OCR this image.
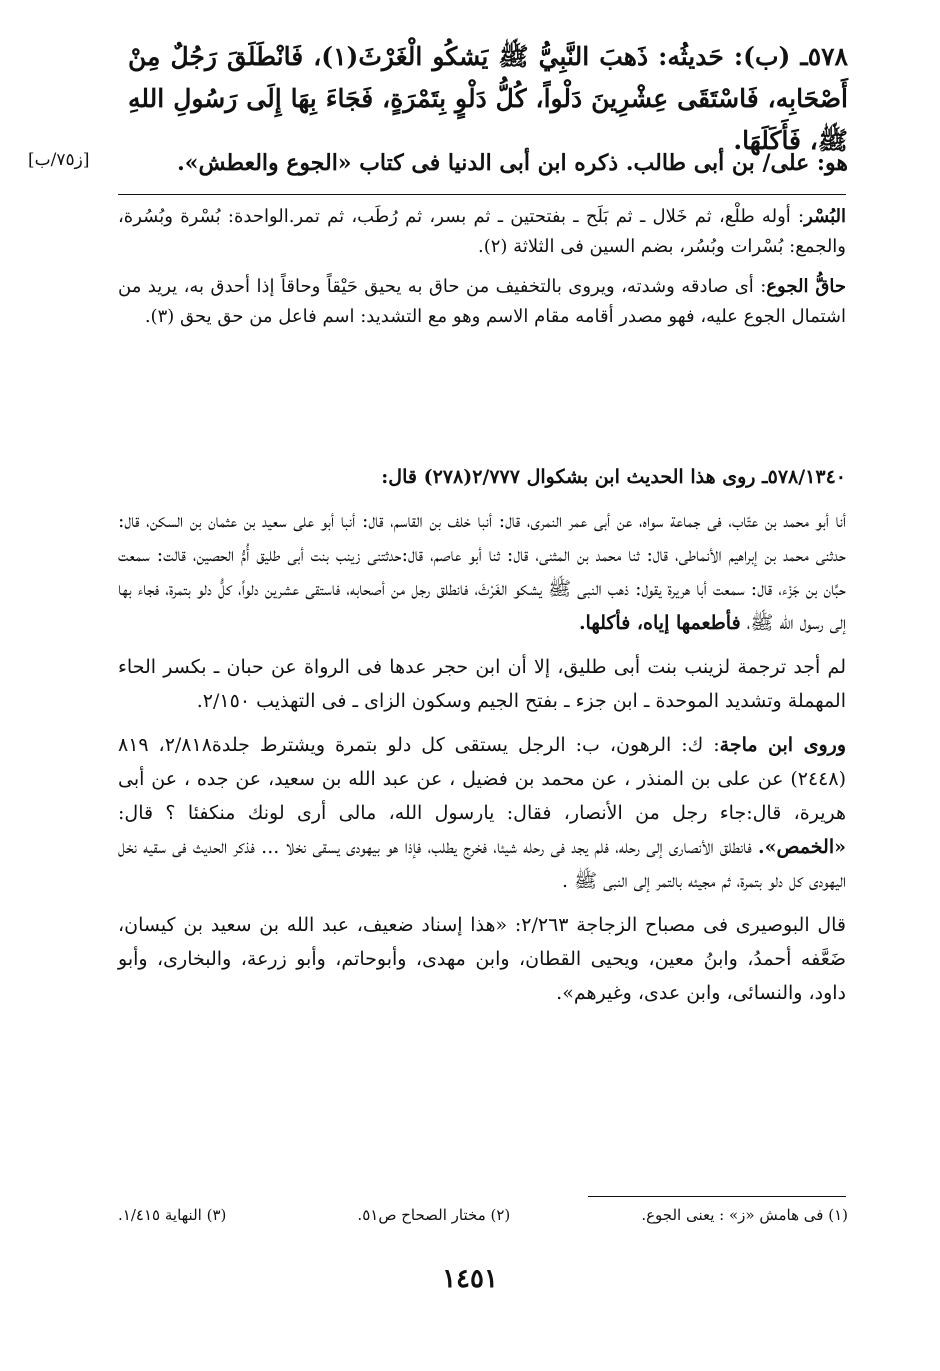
٥٧٨ـ (ب): حَديثُه: ذَهبَ النَّبِيُّ ﷺ يَشكُو الْغَرْثَ(١)، فَانْطَلَقَ رَجُلٌ مِنْ أَصْحَابِه، فَاسْتَقَى عِشْرِينَ دَلْواً، كُلُّ دَلْوٍ بِتَمْرَةٍ، فَجَاءَ بِهَا إِلَى رَسُولِ اللهِ ﷺ، فَأَكَلَهَا.
هو: على/ بن أبى طالب. ذكره ابن أبى الدنيا فى كتاب «الجوع والعطش».
[ز٧٥/ب]

البُسْر: أوله طلْع، ثم خَلال ـ ثم بَلَح ـ بفتحتين ـ ثم بسر، ثم رُطَب، ثم تمر.الواحدة: بُسْرة وبُسُرة، والجمع: بُسْرات وبُسُر، بضم السين فى الثلاثة (٢).

حاقُّ الجوع: أى صادقه وشدته، ويروى بالتخفيف من حاق به يحيق حَيْقاً وحاقاً إذا أحدق به، يريد من اشتمال الجوع عليه، فهو مصدر أقامه مقام الاسم وهو مع التشديد: اسم فاعل من حق يحق (٣).

٥٧٨/١٣٤٠ـ روى هذا الحديث ابن بشكوال ٢/٧٧٧(٢٧٨) قال:

أنا أبو محمد بن عتّاب، فى جماعة سواه، عن أبى عمر النمرى، قال: أنبا خلف بن القاسم، قال: أنبا أبو على سعيد بن عثمان بن السكن، قال: حدثنى محمد بن إبراهيم الأنماطى، قال: ثنا محمد بن المثنى، قال: ثنا أبو عاصم، قال:حدثتنى زينب بنت أبى طليق أُمُّ الحصين، قالت: سمعت حبَّان بن جَزْء، قال: سمعت أبا هريرة يقول: ذهب النبى ﷺ يشكو الغَرْثَ، فانطلق رجل من أصحابه، فاستقى عشرين دلواً، كلُّ دلو بتمرة، فجاء بها إلى رسول الله ﷺ، فأطعمها إياه، فأكلها.

لم أجد ترجمة لزينب بنت أبى طليق، إلا أن ابن حجر عدها فى الرواة عن حبان ـ بكسر الحاء المهملة وتشديد الموحدة ـ ابن جزء ـ بفتح الجيم وسكون الزاى ـ فى التهذيب ٢/١٥٠.

وروى ابن ماجة: ك: الرهون، ب: الرجل يستقى كل دلو بتمرة ويشترط جلدة٢/٨١٨، ٨١٩ (٢٤٤٨) عن على بن المنذر ، عن محمد بن فضيل ، عن عبد الله بن سعيد، عن جده ، عن أبى هريرة، قال:جاء رجل من الأنصار، فقال: يارسول الله، مالى أرى لونك منكفئا ؟ قال: «الخمص». فانطلق الأنصارى إلى رحله، فلم يجد فى رحله شيئا، فخرج يطلب، فإذا هو بيهودى يسقى نخلا ... فذكر الحديث فى سقيه نخل اليهودى كل دلو بتمرة، ثم مجيئه بالتمر إلى النبى ﷺ .

قال البوصيرى فى مصباح الزجاجة ٢/٢٦٣: «هذا إسناد ضعيف، عبد الله بن سعيد بن كيسان، ضَعَّفه أحمدُ، وابنُ معين، ويحيى القطان، وابن مهدى، وأبوحاتم، وأبو زرعة، والبخارى، وأبو داود، والنسائى، وابن عدى، وغيرهم».

(١) فى هامش «ز» : يعنى الجوع.
(٢) مختار الصحاح ص٥١.
(٣) النهاية ١/٤١٥.
١٤٥١
